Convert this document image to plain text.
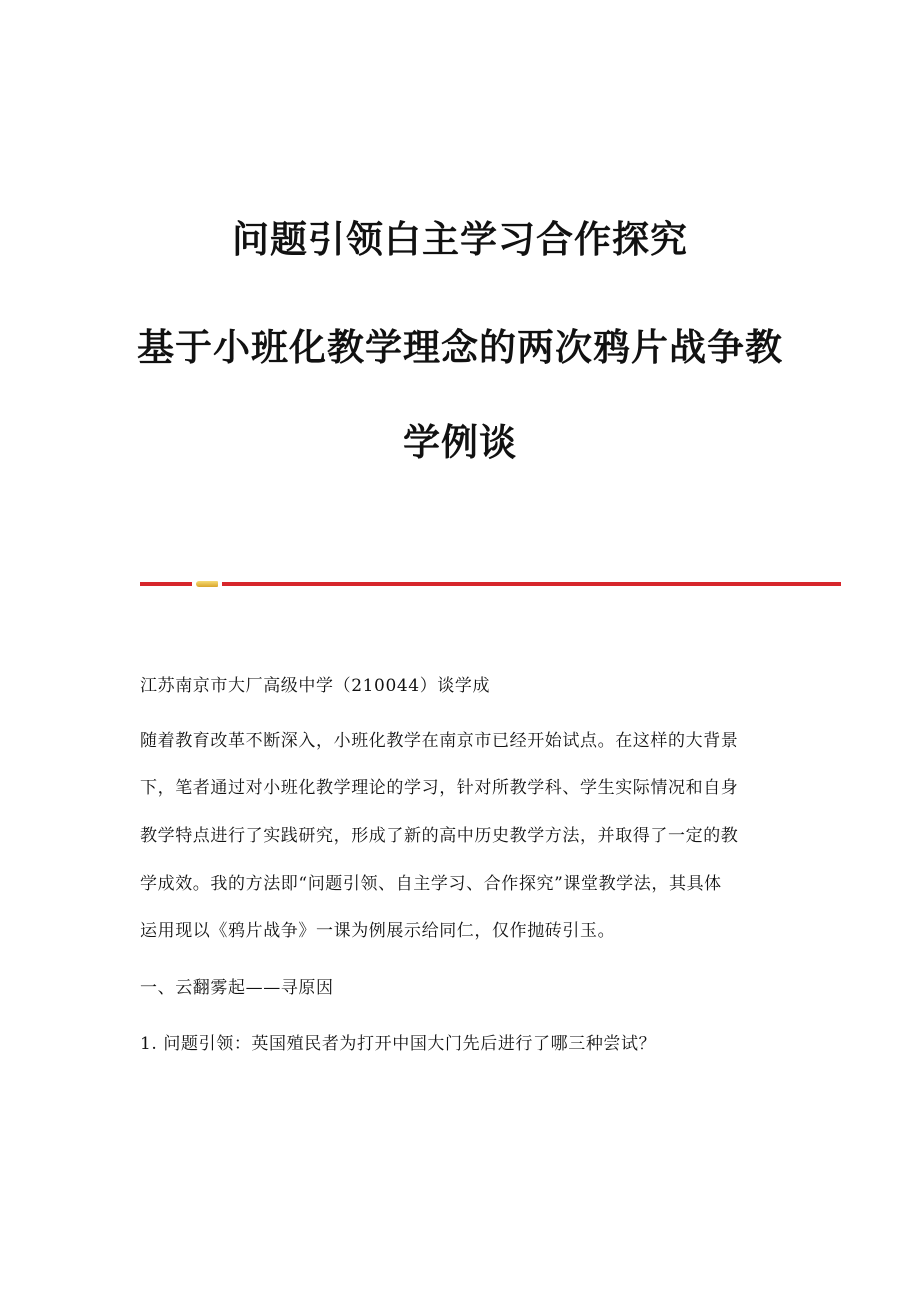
问题引领白主学习合作探究
基于小班化教学理念的两次鸦片战争教
学例谈

江苏南京市大厂高级中学（210044）谈学成

随着教育改革不断深入，小班化教学在南京市已经开始试点。在这样的大背景

下，笔者通过对小班化教学理论的学习，针对所教学科、学生实际情况和自身

教学特点进行了实践研究，形成了新的高中历史教学方法，并取得了一定的教

学成效。我的方法即“问题引领、自主学习、合作探究”课堂教学法，其具体

运用现以《鸦片战争》一课为例展示给同仁，仅作抛砖引玉。

一、云翻雾起——寻原因

1. 问题引领：英国殖民者为打开中国大门先后进行了哪三种尝试？
